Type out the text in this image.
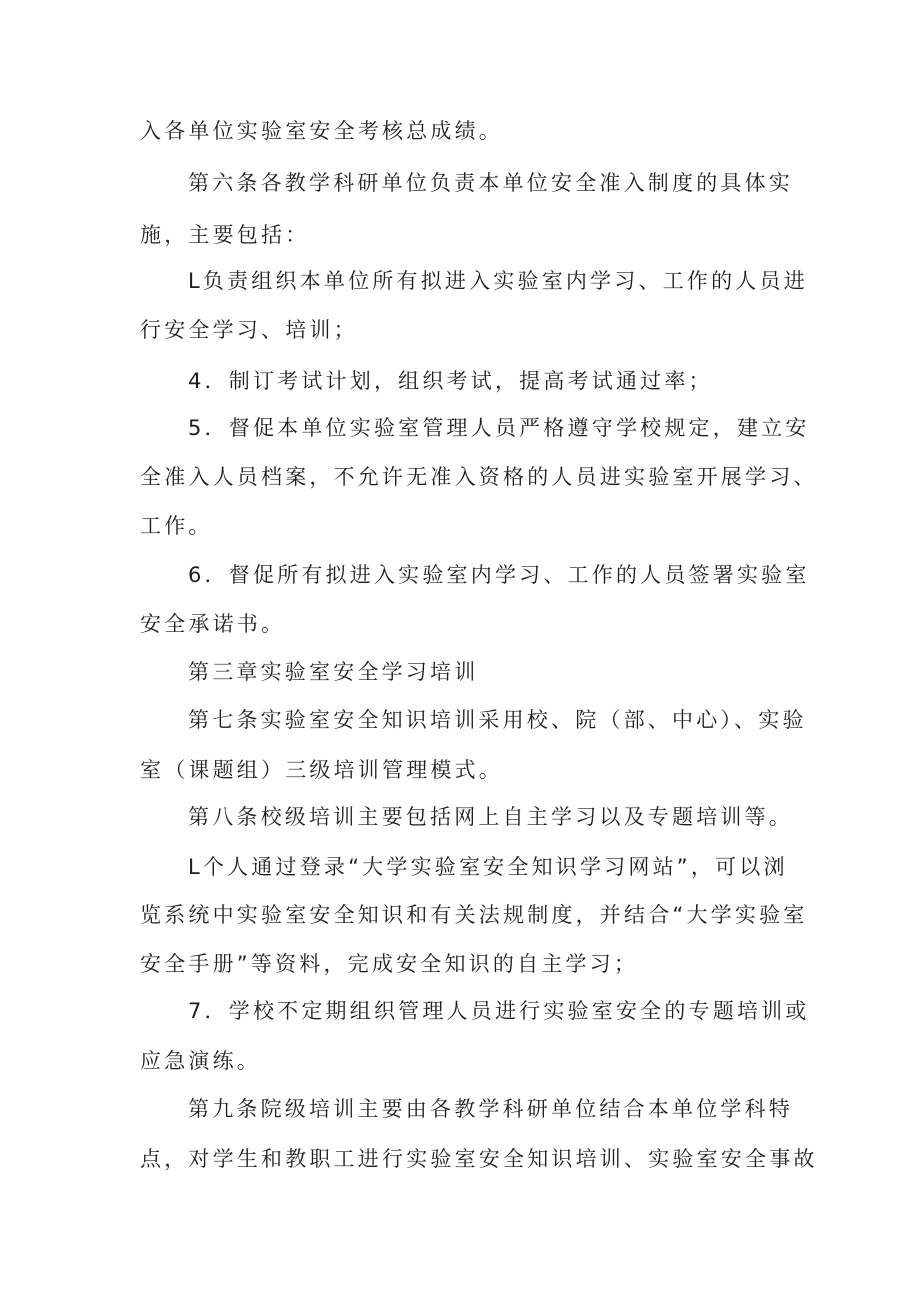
入各单位实验室安全考核总成绩。
第六条各教学科研单位负责本单位安全准入制度的具体实
施，主要包括：
L负责组织本单位所有拟进入实验室内学习、工作的人员进
行安全学习、培训；
4．制订考试计划，组织考试，提高考试通过率；
5．督促本单位实验室管理人员严格遵守学校规定，建立安
全准入人员档案，不允许无准入资格的人员进实验室开展学习、
工作。
6．督促所有拟进入实验室内学习、工作的人员签署实验室
安全承诺书。
第三章实验室安全学习培训
第七条实验室安全知识培训采用校、院（部、中心）、实验
室（课题组）三级培训管理模式。
第八条校级培训主要包括网上自主学习以及专题培训等。
L个人通过登录“大学实验室安全知识学习网站”，可以浏
览系统中实验室安全知识和有关法规制度，并结合“大学实验室
安全手册”等资料，完成安全知识的自主学习；
7．学校不定期组织管理人员进行实验室安全的专题培训或
应急演练。
第九条院级培训主要由各教学科研单位结合本单位学科特
点，对学生和教职工进行实验室安全知识培训、实验室安全事故
